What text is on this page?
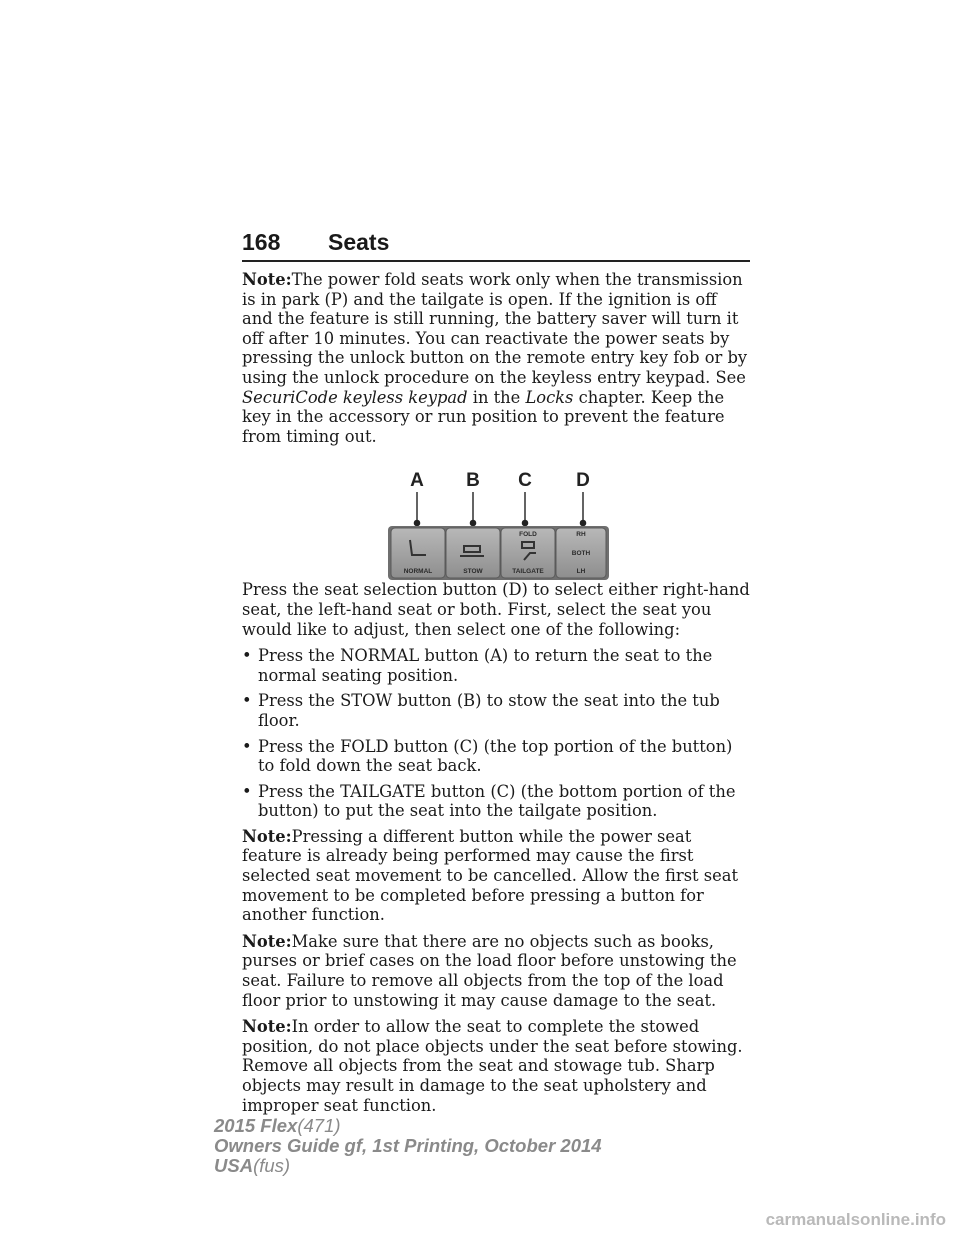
168 Seats

Note:The power fold seats work only when the transmission is in park (P) and the tailgate is open. If the ignition is off and the feature is still running, the battery saver will turn it off after 10 minutes. You can reactivate the power seats by pressing the unlock button on the remote entry key fob or by using the unlock procedure on the keyless entry keypad. See SecuriCode keyless keypad in the Locks chapter. Keep the key in the accessory or run position to prevent the feature from timing out.

A B C D
NORMAL	STOW
FOLD
TAILGATE
RH
BOTH
LH

Press the seat selection button (D) to select either right-hand seat, the left-hand seat or both. First, select the seat you would like to adjust, then select one of the following:

• Press the NORMAL button (A) to return the seat to the normal seating position.
• Press the STOW button (B) to stow the seat into the tub floor.
• Press the FOLD button (C) (the top portion of the button) to fold down the seat back.
• Press the TAILGATE button (C) (the bottom portion of the button) to put the seat into the tailgate position.

Note:Pressing a different button while the power seat feature is already being performed may cause the first selected seat movement to be cancelled. Allow the first seat movement to be completed before pressing a button for another function.

Note:Make sure that there are no objects such as books, purses or brief cases on the load floor before unstowing the seat. Failure to remove all objects from the top of the load floor prior to unstowing it may cause damage to the seat.

Note:In order to allow the seat to complete the stowed position, do not place objects under the seat before stowing. Remove all objects from the seat and stowage tub. Sharp objects may result in damage to the seat upholstery and improper seat function.

2015 Flex(471)
Owners Guide gf, 1st Printing, October 2014
USA(fus)
carmanualsonline.info
